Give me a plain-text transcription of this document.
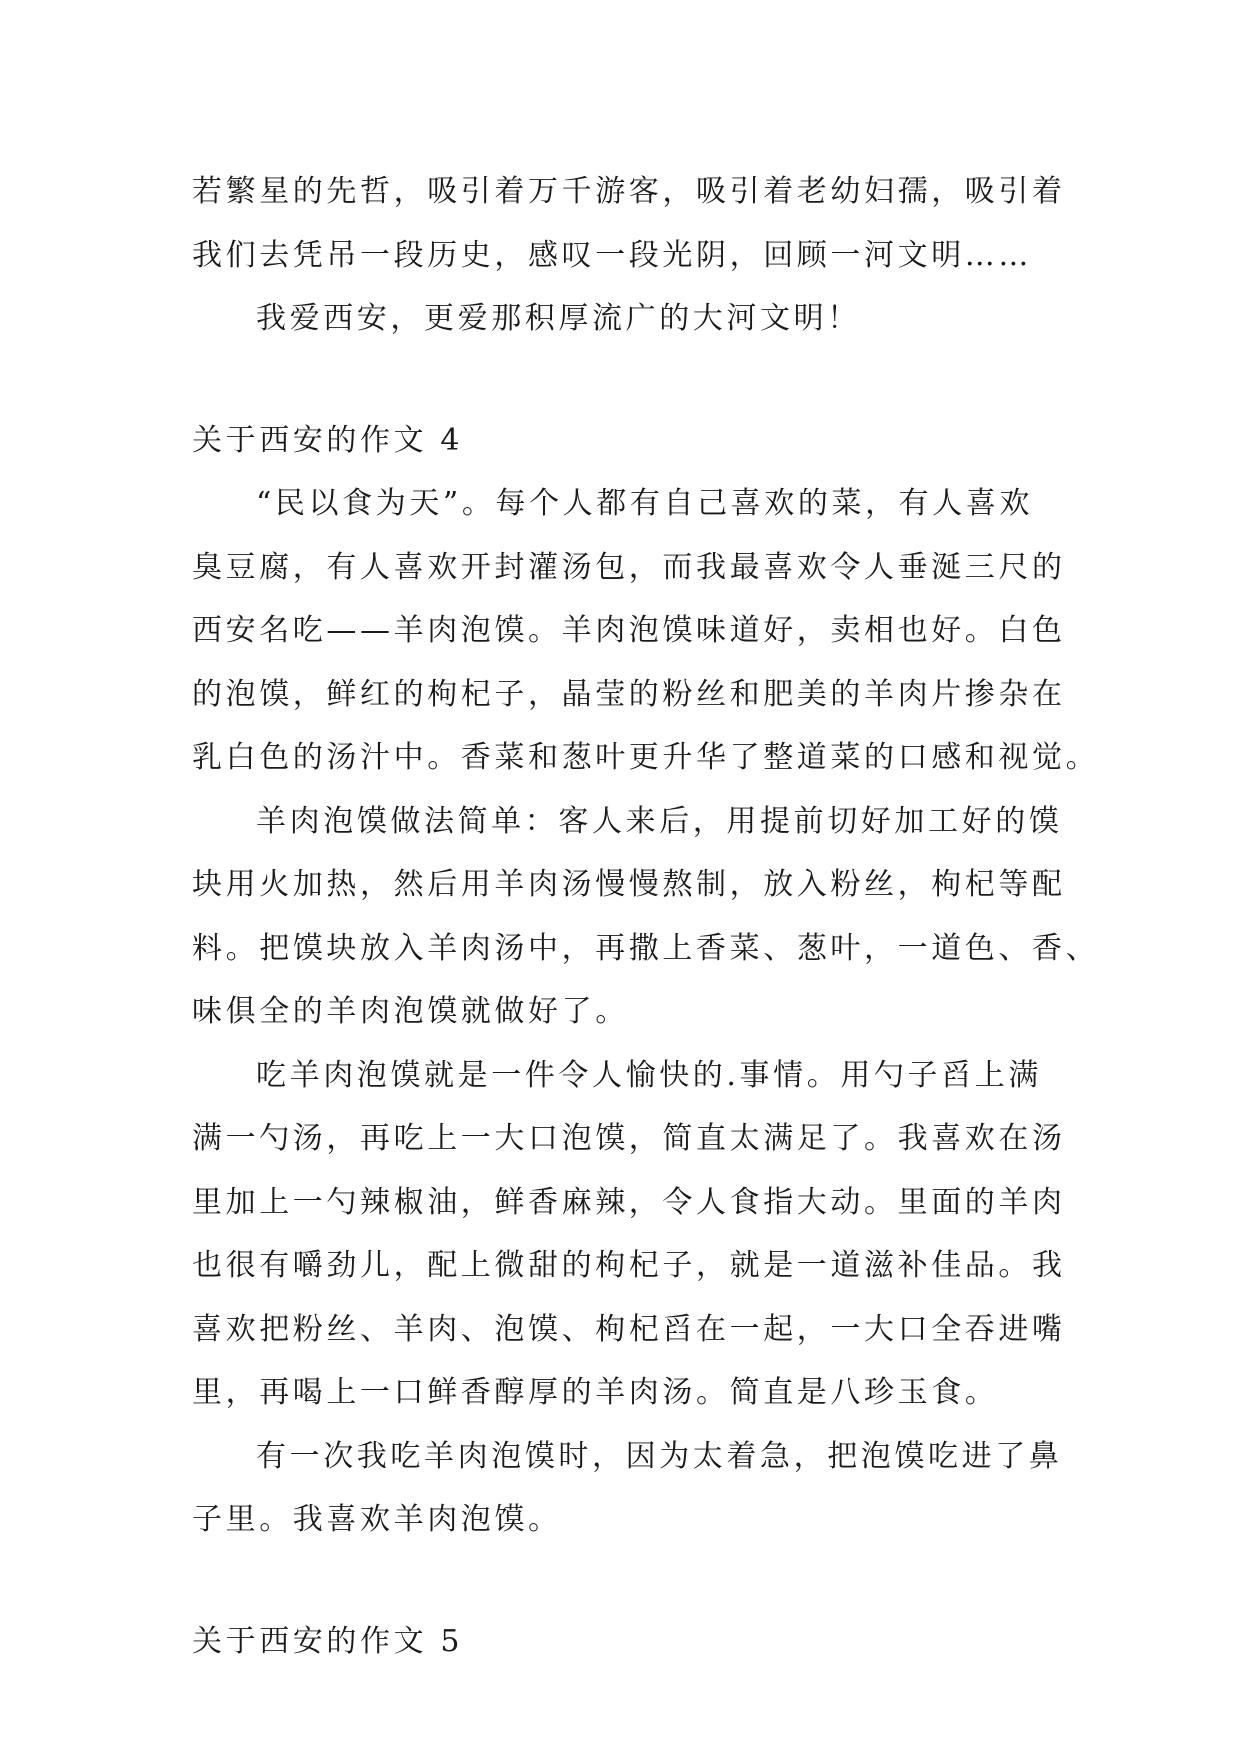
若繁星的先哲，吸引着万千游客，吸引着老幼妇孺，吸引着
我们去凭吊一段历史，感叹一段光阴，回顾一河文明……
我爱西安，更爱那积厚流广的大河文明！
关于西安的作文 4
“民以食为天”。每个人都有自己喜欢的菜，有人喜欢
臭豆腐，有人喜欢开封灌汤包，而我最喜欢令人垂涎三尺的
西安名吃——羊肉泡馍。羊肉泡馍味道好，卖相也好。白色
的泡馍，鲜红的枸杞子，晶莹的粉丝和肥美的羊肉片掺杂在
乳白色的汤汁中。香菜和葱叶更升华了整道菜的口感和视觉。
羊肉泡馍做法简单：客人来后，用提前切好加工好的馍
块用火加热，然后用羊肉汤慢慢熬制，放入粉丝，枸杞等配
料。把馍块放入羊肉汤中，再撒上香菜、葱叶，一道色、香、
味俱全的羊肉泡馍就做好了。
吃羊肉泡馍就是一件令人愉快的.事情。用勺子舀上满
满一勺汤，再吃上一大口泡馍，简直太满足了。我喜欢在汤
里加上一勺辣椒油，鲜香麻辣，令人食指大动。里面的羊肉
也很有嚼劲儿，配上微甜的枸杞子，就是一道滋补佳品。我
喜欢把粉丝、羊肉、泡馍、枸杞舀在一起，一大口全吞进嘴
里，再喝上一口鲜香醇厚的羊肉汤。简直是八珍玉食。
有一次我吃羊肉泡馍时，因为太着急，把泡馍吃进了鼻
子里。我喜欢羊肉泡馍。
关于西安的作文 5
